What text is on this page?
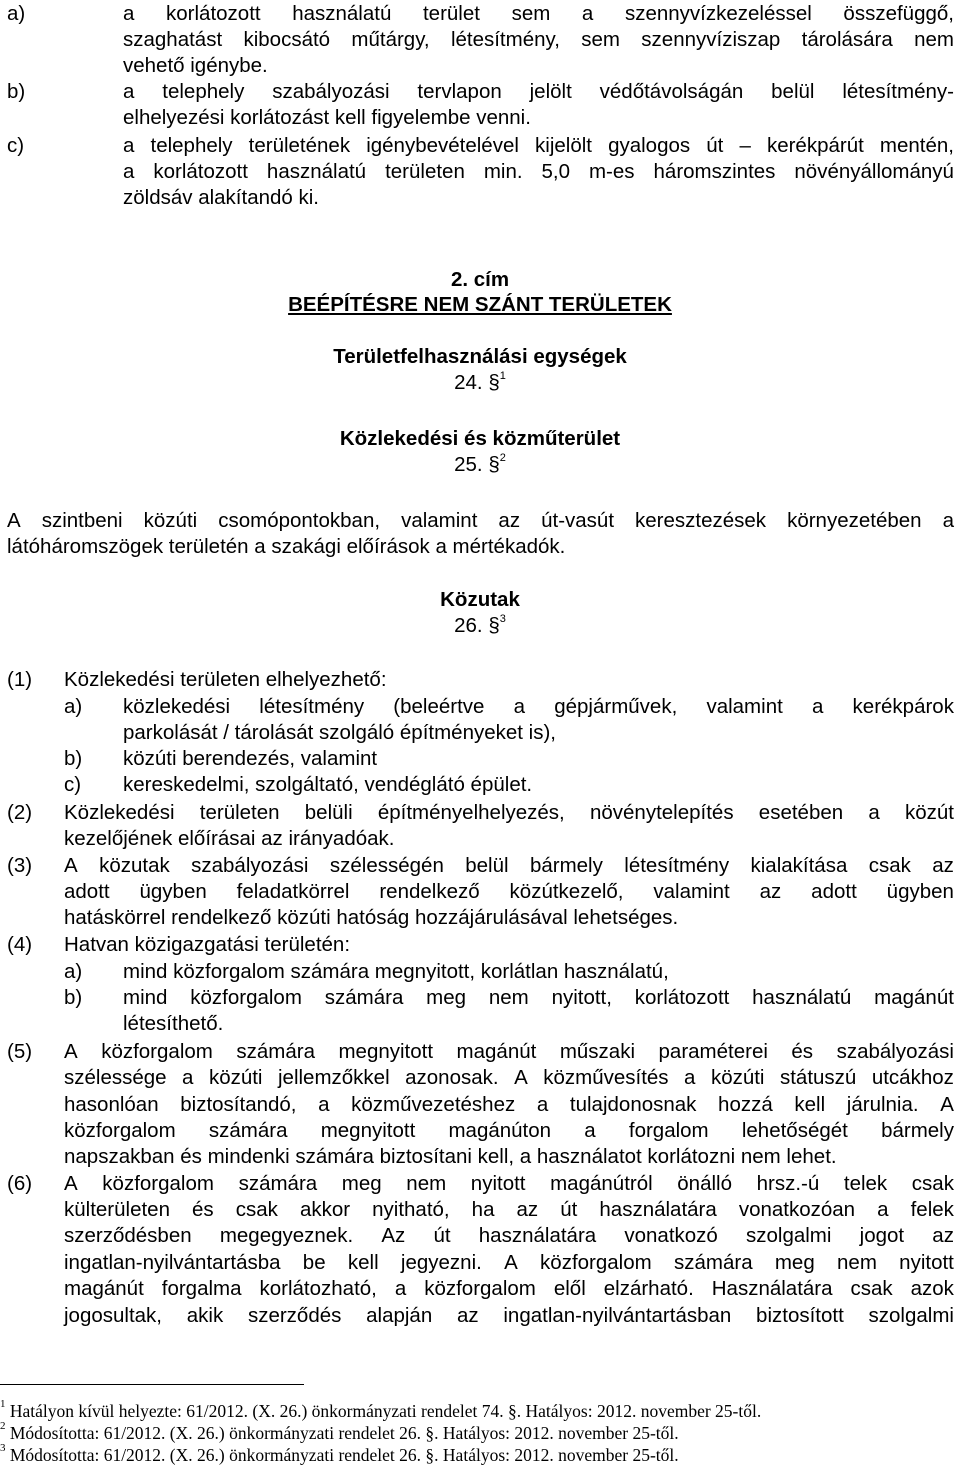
a)	a korlátozott használatú terület sem a szennyvízkezeléssel összefüggő,
szaghatást kibocsátó műtárgy, létesítmény, sem szennyvíziszap tárolására nem
vehető igénybe.
b)	a telephely szabályozási tervlapon jelölt védőtávolságán belül létesítmény-
elhelyezési korlátozást kell figyelembe venni.
c)	a telephely területének igénybevételével kijelölt gyalogos út – kerékpárút mentén,
a korlátozott használatú területen min. 5,0 m-es háromszintes növényállományú
zöldsáv alakítandó ki.
2. cím
BEÉPÍTÉSRE NEM SZÁNT TERÜLETEK
Területfelhasználási egységek
24. §$^1$
Közlekedési és közműterület
25. §$^2$
A szintbeni közúti csomópontokban, valamint az út-vasút keresztezések környezetében a
látóháromszögek területén a szakági előírások a mértékadók.
Közutak
26. §$^3$
(1) Közlekedési területen elhelyezhető:
a) közlekedési létesítmény (beleértve a gépjárművek, valamint a kerékpárok
parkolását / tárolását szolgáló építményeket is),
b) közúti berendezés, valamint
c) kereskedelmi, szolgáltató, vendéglátó épület.
(2) Közlekedési területen belüli építményelhelyezés, növénytelepítés esetében a közút
kezelőjének előírásai az irányadóak.
(3) A közutak szabályozási szélességén belül bármely létesítmény kialakítása csak az
adott ügyben feladatkörrel rendelkező közútkezelő, valamint az adott ügyben
hatáskörrel rendelkező közúti hatóság hozzájárulásával lehetséges.
(4) Hatvan közigazgatási területén:
a) mind közforgalom számára megnyitott, korlátlan használatú,
b) mind közforgalom számára meg nem nyitott, korlátozott használatú magánút
létesíthető.
(5) A közforgalom számára megnyitott magánút műszaki paraméterei és szabályozási
szélessége a közúti jellemzőkkel azonosak. A közművesítés a közúti státuszú utcákhoz
hasonlóan biztosítandó, a közművezetéshez a tulajdonosnak hozzá kell járulnia. A
közforgalom számára megnyitott magánúton a forgalom lehetőségét bármely
napszakban és mindenki számára biztosítani kell, a használatot korlátozni nem lehet.
(6) A közforgalom számára meg nem nyitott magánútról önálló hrsz.-ú telek csak
külterületen és csak akkor nyitható, ha az út használatára vonatkozóan a felek
szerződésben megegyeznek. Az út használatára vonatkozó szolgalmi jogot az
ingatlan-nyilvántartásba be kell jegyezni. A közforgalom számára meg nem nyitott
magánút forgalma korlátozható, a közforgalom elől elzárható. Használatára csak azok
jogosultak, akik szerződés alapján az ingatlan-nyilvántartásban biztosított szolgalmi
$^1$ Hatályon kívül helyezte: 61/2012. (X. 26.) önkormányzati rendelet 74. §. Hatályos: 2012. november 25-től.
$^2$ Módosította: 61/2012. (X. 26.) önkormányzati rendelet 26. §. Hatályos: 2012. november 25-től.
$^3$ Módosította: 61/2012. (X. 26.) önkormányzati rendelet 26. §. Hatályos: 2012. november 25-től.
